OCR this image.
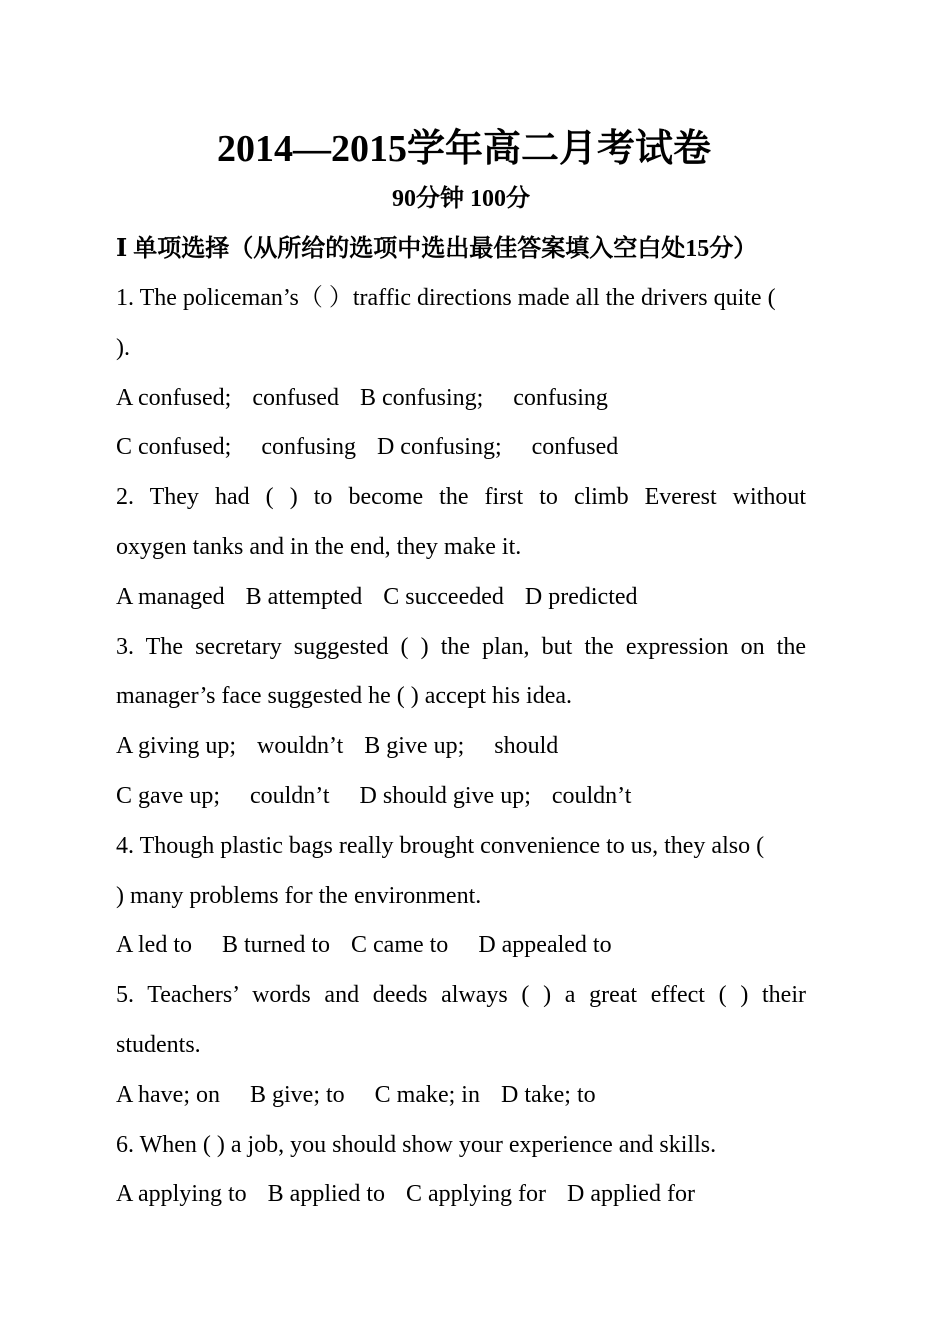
2014—2015学年高二月考试卷
90分钟 100分
Ⅰ 单项选择（从所给的选项中选出最佳答案填入空白处15分）
1. The policeman’s（ ）traffic directions made all the drivers quite (
).
A confused; confused B confusing; confusing
C confused; confusing D confusing; confused
2. They had ( ) to become the first to climb Everest without
oxygen tanks and in the end, they make it.
A managed B attempted C succeeded D predicted
3. The secretary suggested ( ) the plan, but the expression on the
manager’s face suggested he ( ) accept his idea.
A giving up; wouldn’t B give up; should
C gave up; couldn’t D should give up; couldn’t
4. Though plastic bags really brought convenience to us, they also (
) many problems for the environment.
A led to B turned to C came to D appealed to
5. Teachers’ words and deeds always ( ) a great effect ( ) their
students.
A have; on B give; to C make; in D take; to
6. When ( ) a job, you should show your experience and skills.
A applying to B applied to C applying for D applied for
